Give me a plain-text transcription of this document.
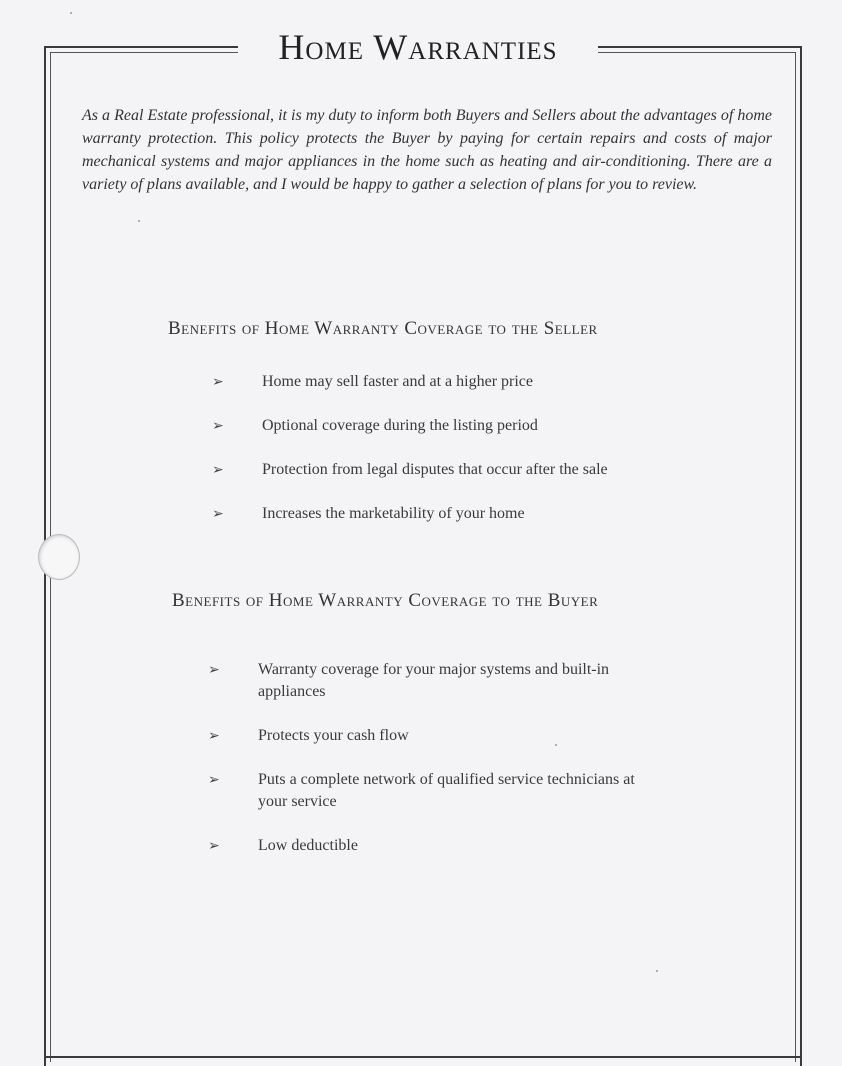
Home Warranties
As a Real Estate professional, it is my duty to inform both Buyers and Sellers about the advantages of home warranty protection. This policy protects the Buyer by paying for certain repairs and costs of major mechanical systems and major appliances in the home such as heating and air-conditioning. There are a variety of plans available, and I would be happy to gather a selection of plans for you to review.
Benefits of Home Warranty Coverage to the Seller
➢ Home may sell faster and at a higher price
➢ Optional coverage during the listing period
➢ Protection from legal disputes that occur after the sale
➢ Increases the marketability of your home
Benefits of Home Warranty Coverage to the Buyer
➢ Warranty coverage for your major systems and built-in appliances
➢ Protects your cash flow
➢ Puts a complete network of qualified service technicians at your service
➢ Low deductible
